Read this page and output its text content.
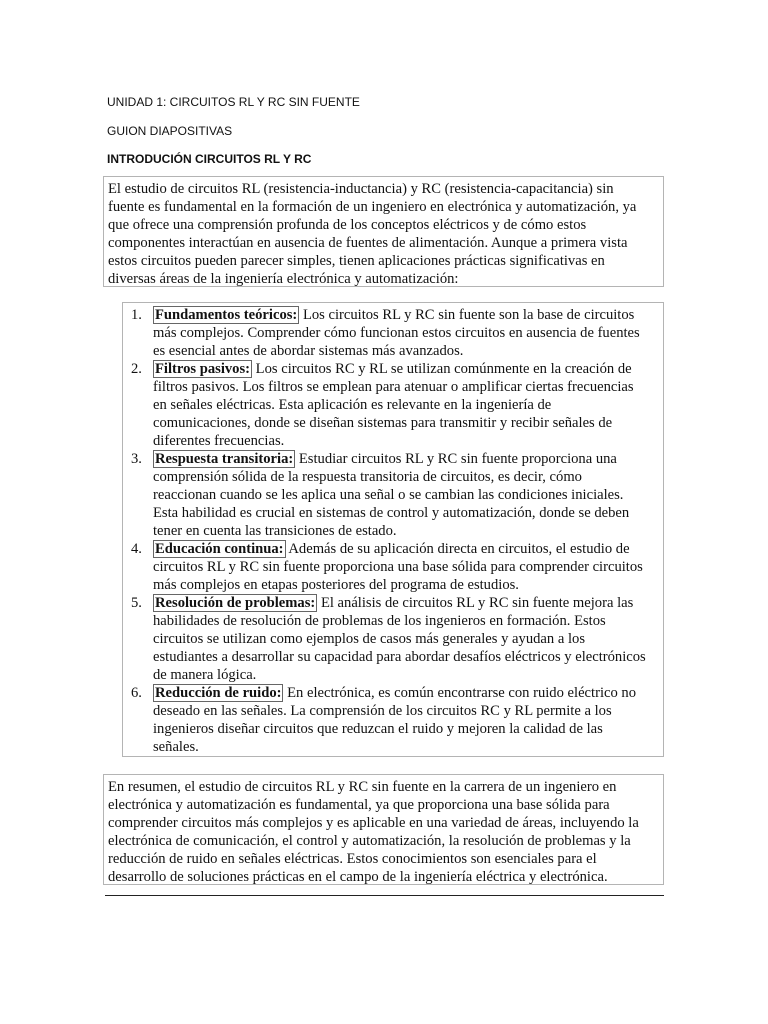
UNIDAD 1: CIRCUITOS RL Y RC SIN FUENTE

GUION DIAPOSITIVAS

INTRODUCIÓN CIRCUITOS RL Y RC

El estudio de circuitos RL (resistencia-inductancia) y RC (resistencia-capacitancia) sin

fuente es fundamental en la formación de un ingeniero en electrónica y automatización, ya

que ofrece una comprensión profunda de los conceptos eléctricos y de cómo estos

componentes interactúan en ausencia de fuentes de alimentación. Aunque a primera vista

estos circuitos pueden parecer simples, tienen aplicaciones prácticas significativas en

diversas áreas de la ingeniería electrónica y automatización:

1. Fundamentos teóricos: Los circuitos RL y RC sin fuente son la base de circuitos
más complejos. Comprender cómo funcionan estos circuitos en ausencia de fuentes
es esencial antes de abordar sistemas más avanzados.
2. Filtros pasivos: Los circuitos RC y RL se utilizan comúnmente en la creación de
filtros pasivos. Los filtros se emplean para atenuar o amplificar ciertas frecuencias
en señales eléctricas. Esta aplicación es relevante en la ingeniería de
comunicaciones, donde se diseñan sistemas para transmitir y recibir señales de
diferentes frecuencias.
3. Respuesta transitoria: Estudiar circuitos RL y RC sin fuente proporciona una
comprensión sólida de la respuesta transitoria de circuitos, es decir, cómo
reaccionan cuando se les aplica una señal o se cambian las condiciones iniciales.
Esta habilidad es crucial en sistemas de control y automatización, donde se deben
tener en cuenta las transiciones de estado.
4. Educación continua: Además de su aplicación directa en circuitos, el estudio de
circuitos RL y RC sin fuente proporciona una base sólida para comprender circuitos
más complejos en etapas posteriores del programa de estudios.
5. Resolución de problemas: El análisis de circuitos RL y RC sin fuente mejora las
habilidades de resolución de problemas de los ingenieros en formación. Estos
circuitos se utilizan como ejemplos de casos más generales y ayudan a los
estudiantes a desarrollar su capacidad para abordar desafíos eléctricos y electrónicos
de manera lógica.
6. Reducción de ruido: En electrónica, es común encontrarse con ruido eléctrico no
deseado en las señales. La comprensión de los circuitos RC y RL permite a los
ingenieros diseñar circuitos que reduzcan el ruido y mejoren la calidad de las
señales.

En resumen, el estudio de circuitos RL y RC sin fuente en la carrera de un ingeniero en

electrónica y automatización es fundamental, ya que proporciona una base sólida para

comprender circuitos más complejos y es aplicable en una variedad de áreas, incluyendo la

electrónica de comunicación, el control y automatización, la resolución de problemas y la

reducción de ruido en señales eléctricas. Estos conocimientos son esenciales para el

desarrollo de soluciones prácticas en el campo de la ingeniería eléctrica y electrónica.
